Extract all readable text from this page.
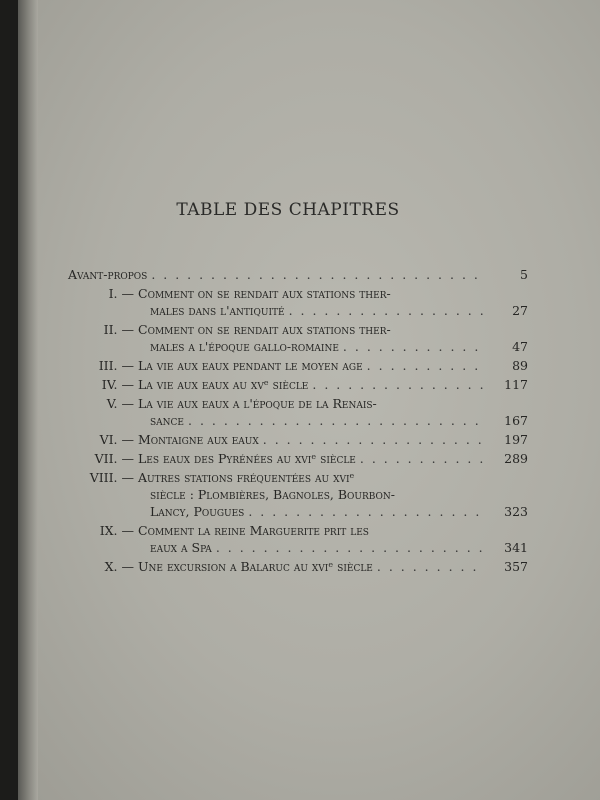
TABLE DES CHAPITRES
Avant-propos . . .	5
I. — Comment on se rendait aux stations ther-
males dans l'antiquité . . .	27
II. — Comment on se rendait aux stations ther-
males a l'époque gallo-romaine . . .	47
III. — La vie aux eaux pendant le moyen age . . .	89
IV. — La vie aux eaux au xvᵉ siècle . . .	117
V. — La vie aux eaux a l'époque de la Renais-
sance . . .	167
VI. — Montaigne aux eaux . . .	197
VII. — Les eaux des Pyrénées au xviᵉ siècle . . .	289
VIII. — Autres stations fréquentées au xviᵉ
siècle : Plombières, Bagnoles, Bourbon-
Lancy, Pougues . . .	323
IX. — Comment la reine Marguerite prit les
eaux a Spa . . .	341
X. — Une excursion a Balaruc au xviᵉ siècle . . .	357
